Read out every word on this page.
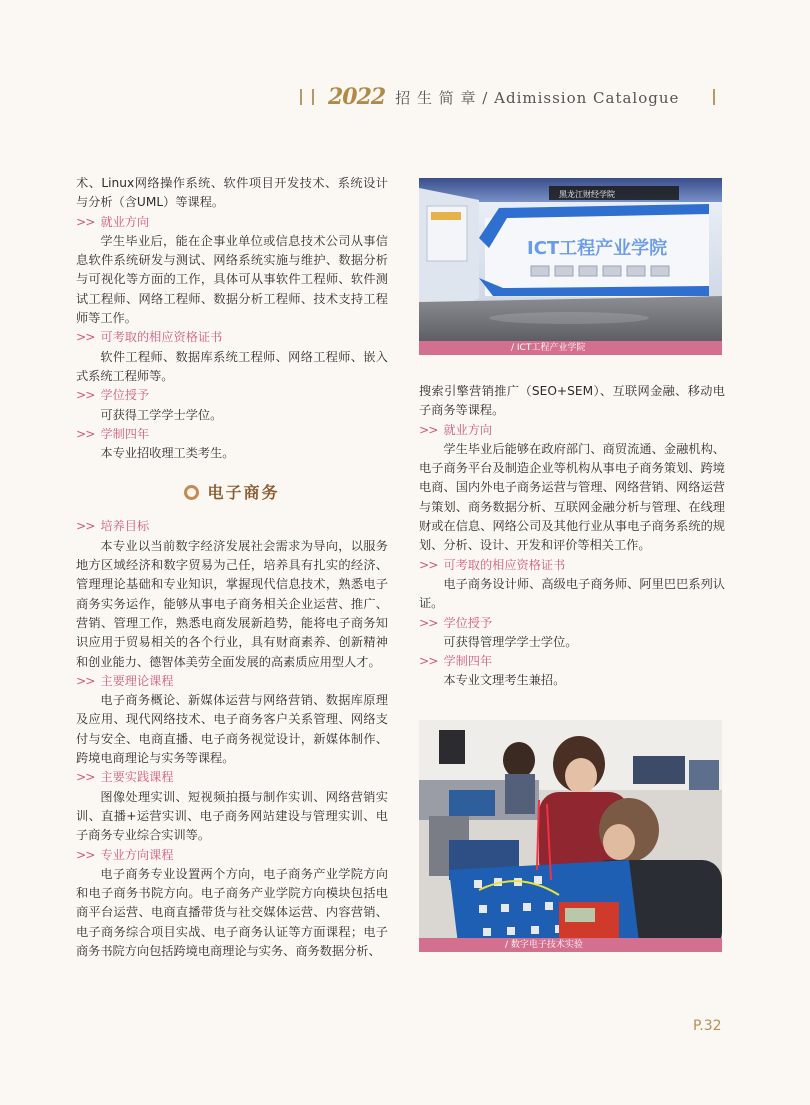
2022 招 生 简 章 / Adimission Catalogue

术、Linux网络操作系统、软件项目开发技术、系统设计与分析（含UML）等课程。

>> 就业方向

学生毕业后，能在企事业单位或信息技术公司从事信息软件系统研发与测试、网络系统实施与维护、数据分析与可视化等方面的工作，具体可从事软件工程师、软件测试工程师、网络工程师、数据分析工程师、技术支持工程师等工作。

>> 可考取的相应资格证书

软件工程师、数据库系统工程师、网络工程师、嵌入式系统工程师等。

>> 学位授予

可获得工学学士学位。

>> 学制四年

本专业招收理工类考生。

电子商务

>> 培养目标

本专业以当前数字经济发展社会需求为导向，以服务地方区域经济和数字贸易为己任，培养具有扎实的经济、管理理论基础和专业知识，掌握现代信息技术，熟悉电子商务实务运作，能够从事电子商务相关企业运营、推广、营销、管理工作，熟悉电商发展新趋势，能将电子商务知识应用于贸易相关的各个行业，具有财商素养、创新精神和创业能力、德智体美劳全面发展的高素质应用型人才。

>> 主要理论课程

电子商务概论、新媒体运营与网络营销、数据库原理及应用、现代网络技术、电子商务客户关系管理、网络支付与安全、电商直播、电子商务视觉设计，新媒体制作、跨境电商理论与实务等课程。

>> 主要实践课程

图像处理实训、短视频拍摄与制作实训、网络营销实训、直播+运营实训、电子商务网站建设与管理实训、电子商务专业综合实训等。

>> 专业方向课程

电子商务专业设置两个方向，电子商务产业学院方向和电子商务书院方向。电子商务产业学院方向模块包括电商平台运营、电商直播带货与社交媒体运营、内容营销、电子商务综合项目实战、电子商务认证等方面课程；电子商务书院方向包括跨境电商理论与实务、商务数据分析、

黑龙江财经学院
ICT工程产业学院
/ ICT工程产业学院

搜索引擎营销推广（SEO+SEM）、互联网金融、移动电子商务等课程。

>> 就业方向

学生毕业后能够在政府部门、商贸流通、金融机构、电子商务平台及制造企业等机构从事电子商务策划、跨境电商、国内外电子商务运营与管理、网络营销、网络运营与策划、商务数据分析、互联网金融分析与管理、在线理财或在信息、网络公司及其他行业从事电子商务系统的规划、分析、设计、开发和评价等相关工作。

>> 可考取的相应资格证书

电子商务设计师、高级电子商务师、阿里巴巴系列认证。

>> 学位授予

可获得管理学学士学位。

>> 学制四年

本专业文理考生兼招。

/ 数字电子技术实验
P.32
